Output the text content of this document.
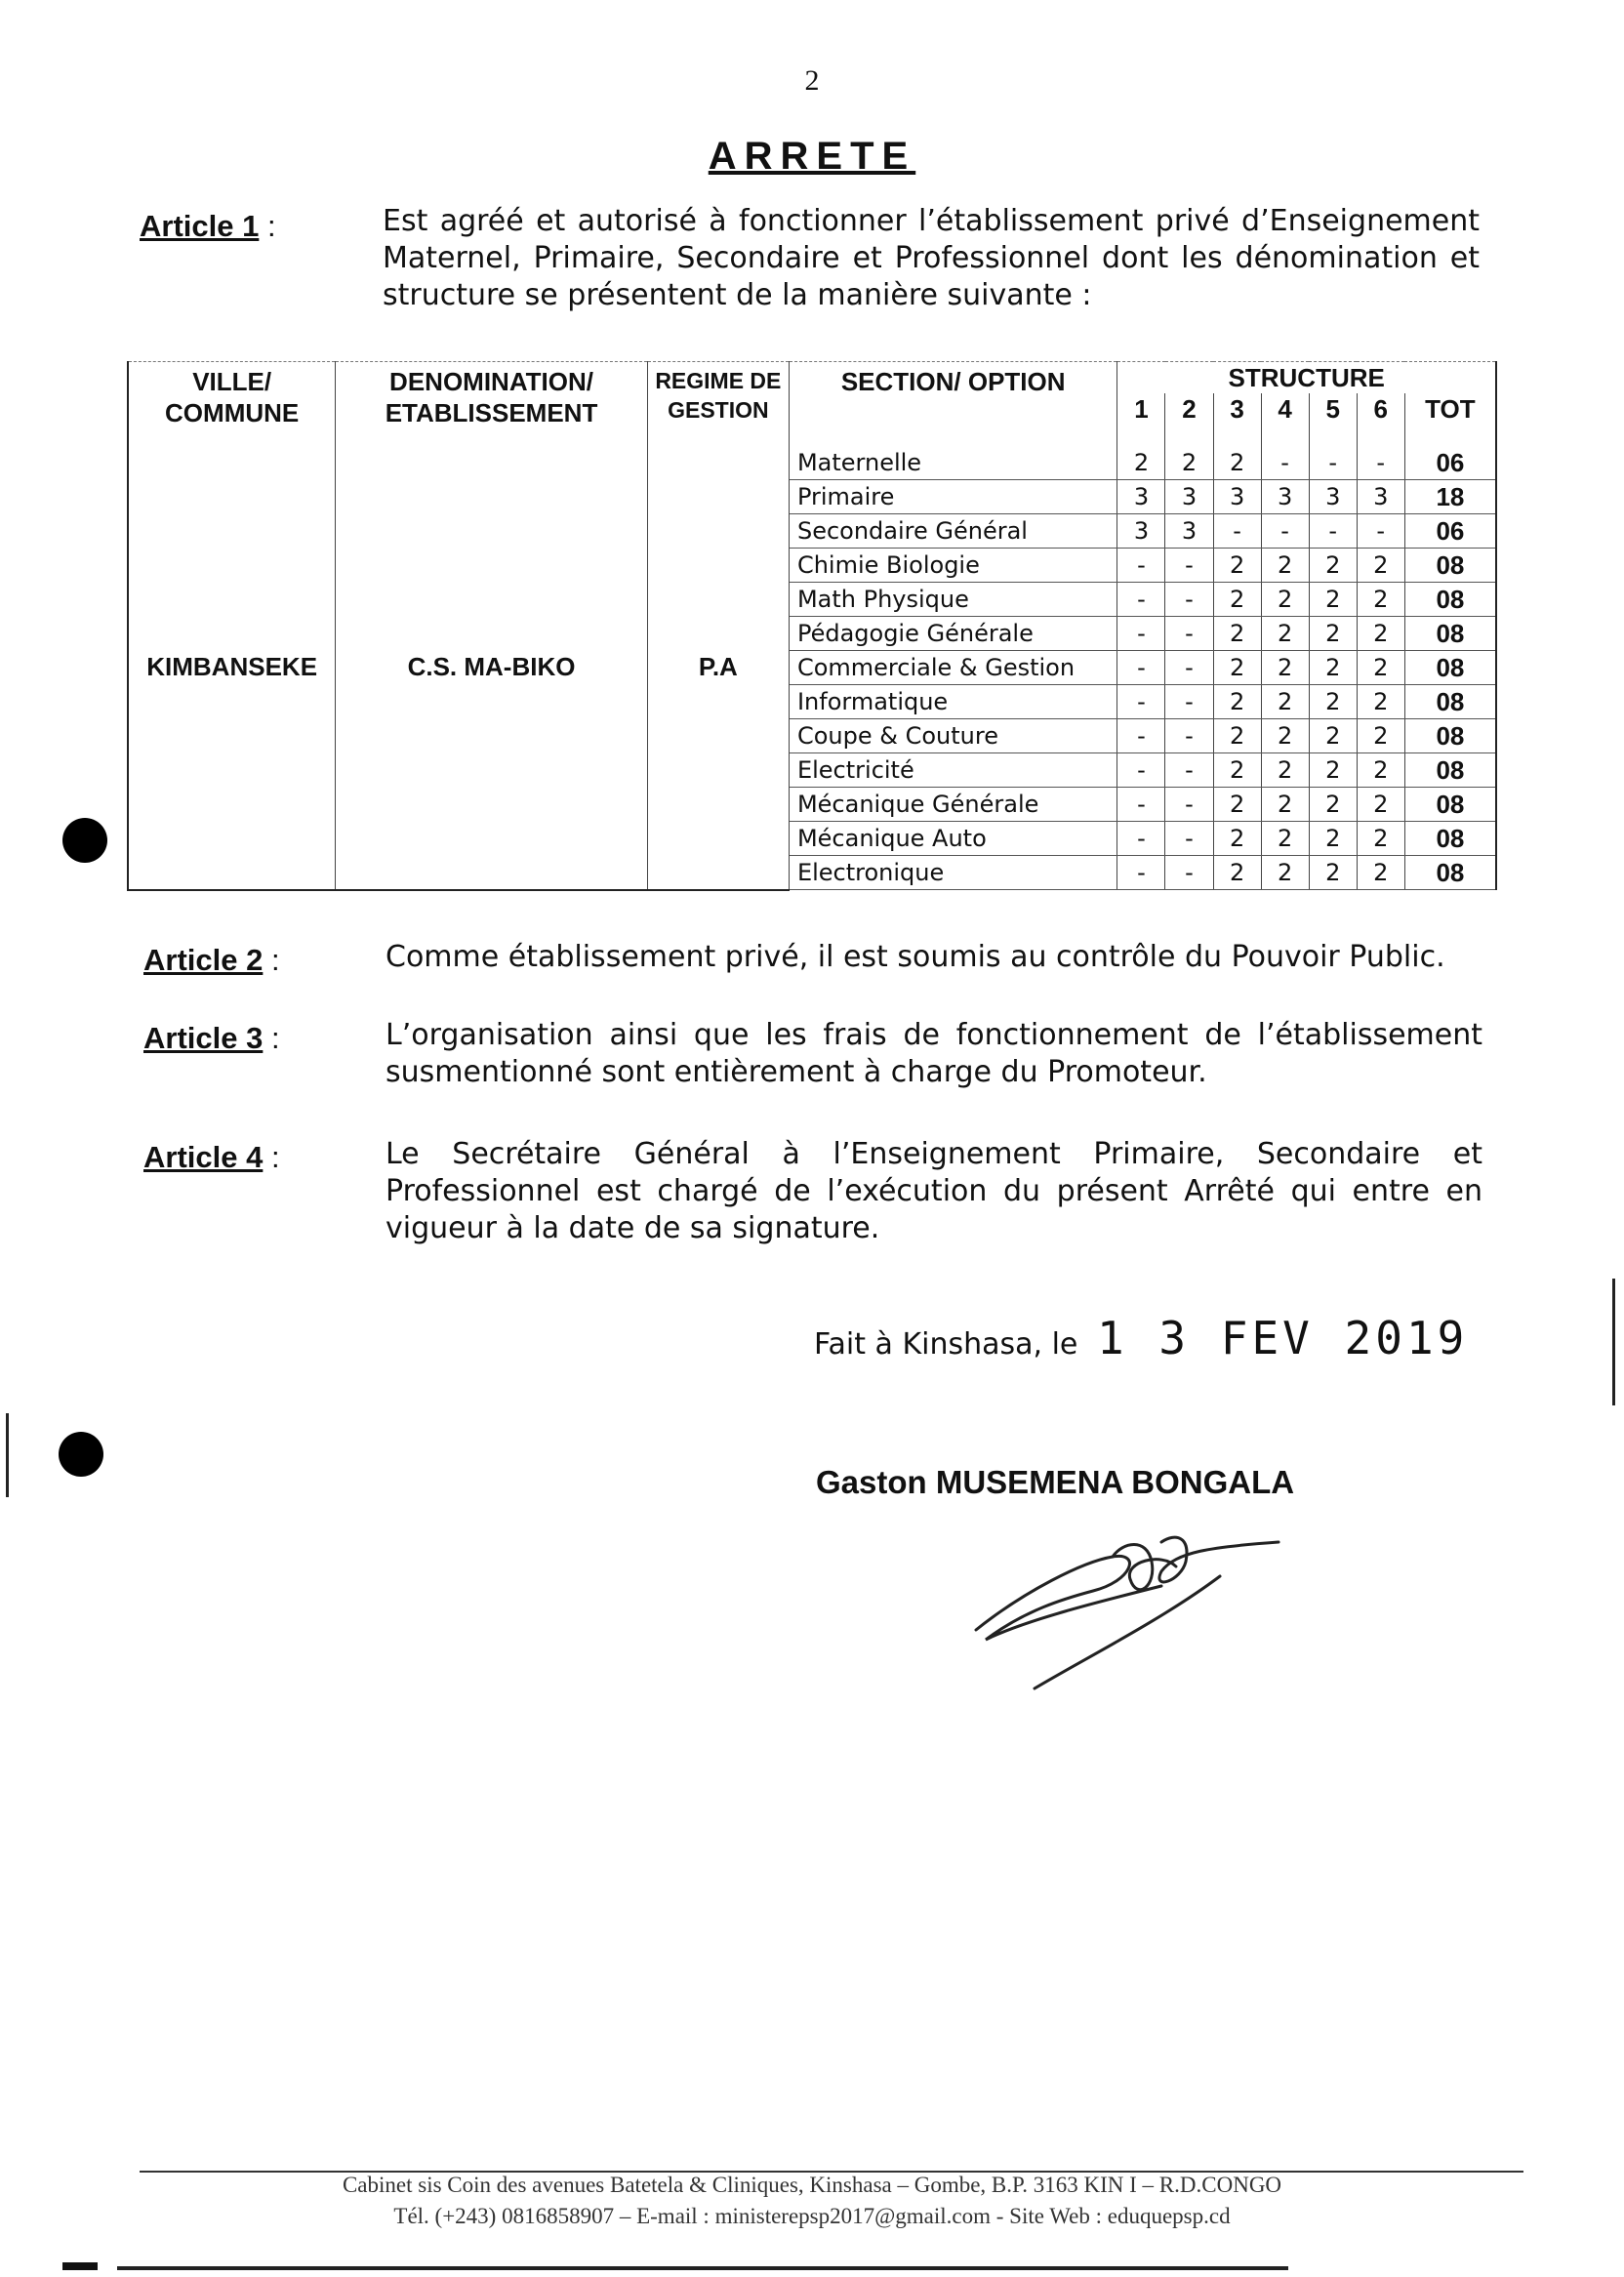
2
ARRETE
Article 1 :	Est agréé et autorisé à fonctionner l’établissement privé d’Enseignement Maternel, Primaire, Secondaire et Professionnel dont les dénomination et structure se présentent de la manière suivante :
VILLE/ COMMUNE	DENOMINATION/ ETABLISSEMENT	REGIME DE GESTION	SECTION/ OPTION	STRUCTURE						
				1	2	3	4	5	6	TOT
KIMBANSEKE	C.S. MA-BIKO	P.A	Maternelle	2	2	2	-	-	-	06
			Primaire	3	3	3	3	3	3	18
			Secondaire Général	3	3	-	-	-	-	06
			Chimie Biologie	-	-	2	2	2	2	08
			Math Physique	-	-	2	2	2	2	08
			Pédagogie Générale	-	-	2	2	2	2	08
			Commerciale & Gestion	-	-	2	2	2	2	08
			Informatique	-	-	2	2	2	2	08
			Coupe & Couture	-	-	2	2	2	2	08
			Electricité	-	-	2	2	2	2	08
			Mécanique Générale	-	-	2	2	2	2	08
			Mécanique Auto	-	-	2	2	2	2	08
			Electronique	-	-	2	2	2	2	08
Article 2 :	Comme établissement privé, il est soumis au contrôle du Pouvoir Public.
Article 3 :	L’organisation ainsi que les frais de fonctionnement de l’établissement susmentionné sont entièrement à charge du Promoteur.
Article 4 :	Le Secrétaire Général à l’Enseignement Primaire, Secondaire et Professionnel est chargé de l’exécution du présent Arrêté qui entre en vigueur à la date de sa signature.
Fait à Kinshasa, le 1 3 FEV 2019
Gaston MUSEMENA BONGALA
Cabinet sis Coin des avenues Batetela & Cliniques, Kinshasa – Gombe, B.P. 3163 KIN I – R.D.CONGO
Tél. (+243) 0816858907 – E-mail : ministerepsp2017@gmail.com - Site Web : eduquepsp.cd
